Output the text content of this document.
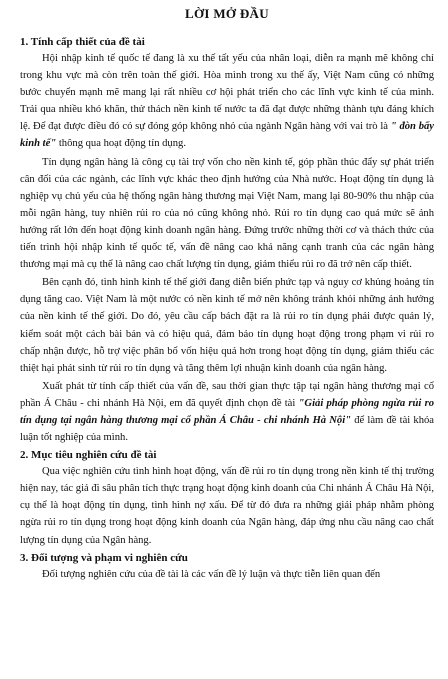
LỜI MỞ ĐẦU
1. Tính cấp thiết của đề tài

Hội nhập kinh tế quốc tế đang là xu thế tất yếu của nhân loại, diễn ra mạnh mẽ không chỉ trong khu vực mà còn trên toàn thế giới. Hòa mình trong xu thế ấy, Việt Nam cũng có những bước chuyển mạnh mẽ mang lại rất nhiều cơ hội phát triển cho các lĩnh vực kinh tế của mình. Trải qua nhiều khó khăn, thử thách nền kinh tế nước ta đã đạt được những thành tựu đáng khích lệ. Để đạt được điều đó có sự đóng góp không nhỏ của ngành Ngân hàng với vai trò là " đòn bẩy kinh tế" thông qua hoạt động tín dụng.

Tín dụng ngân hàng là công cụ tài trợ vốn cho nền kinh tế, góp phần thúc đẩy sự phát triển cân đối của các ngành, các lĩnh vực khác theo định hướng của Nhà nước. Hoạt động tín dụng là nghiệp vụ chủ yếu của hệ thống ngân hàng thương mại Việt Nam, mang lại 80-90% thu nhập của mỗi ngân hàng, tuy nhiên rủi ro của nó cũng không nhỏ. Rủi ro tín dụng cao quá mức sẽ ảnh hưởng rất lớn đến hoạt động kinh doanh ngân hàng. Đứng trước những thời cơ và thách thức của tiến trình hội nhập kinh tế quốc tế, vấn đề nâng cao khả năng cạnh tranh của các ngân hàng thương mại mà cụ thể là nâng cao chất lượng tín dụng, giảm thiểu rủi ro đã trở nên cấp thiết.

Bên cạnh đó, tình hình kinh tế thế giới đang diễn biến phức tạp và nguy cơ khủng hoảng tín dụng tăng cao. Việt Nam là một nước có nền kinh tế mở nên không tránh khỏi những ảnh hưởng của nền kinh tế thế giới. Do đó, yêu cầu cấp bách đặt ra là rủi ro tín dụng phải được quản lý, kiểm soát một cách bài bản và có hiệu quả, đảm bảo tín dụng hoạt động trong phạm vi rủi ro chấp nhận được, hỗ trợ việc phân bổ vốn hiệu quả hơn trong hoạt động tín dụng, giảm thiểu các thiệt hại phát sinh từ rủi ro tín dụng và tăng thêm lợi nhuận kinh doanh của ngân hàng.

Xuất phát từ tính cấp thiết của vấn đề, sau thời gian thực tập tại ngân hàng thương mại cổ phần Á Châu - chi nhánh Hà Nội, em đã quyết định chọn đề tài "Giải pháp phòng ngừa rủi ro tín dụng tại ngân hàng thương mại cổ phần Á Châu - chi nhánh Hà Nội" để làm đề tài khóa luận tốt nghiệp của mình.

2. Mục tiêu nghiên cứu đề tài

Qua việc nghiên cứu tình hình hoạt động, vấn đề rủi ro tín dụng trong nền kinh tế thị trường hiện nay, tác giả đi sâu phân tích thực trạng hoạt động kinh doanh của Chi nhánh Á Châu Hà Nội, cụ thể là hoạt động tín dụng, tình hình nợ xấu. Để từ đó đưa ra những giải pháp nhằm phòng ngừa rủi ro tín dụng trong hoạt động kinh doanh của Ngân hàng, đáp ứng nhu cầu nâng cao chất lượng tín dụng của Ngân hàng.

3. Đối tượng và phạm vi nghiên cứu

Đối tượng nghiên cứu của đề tài là các vấn đề lý luận và thực tiễn liên quan đến
